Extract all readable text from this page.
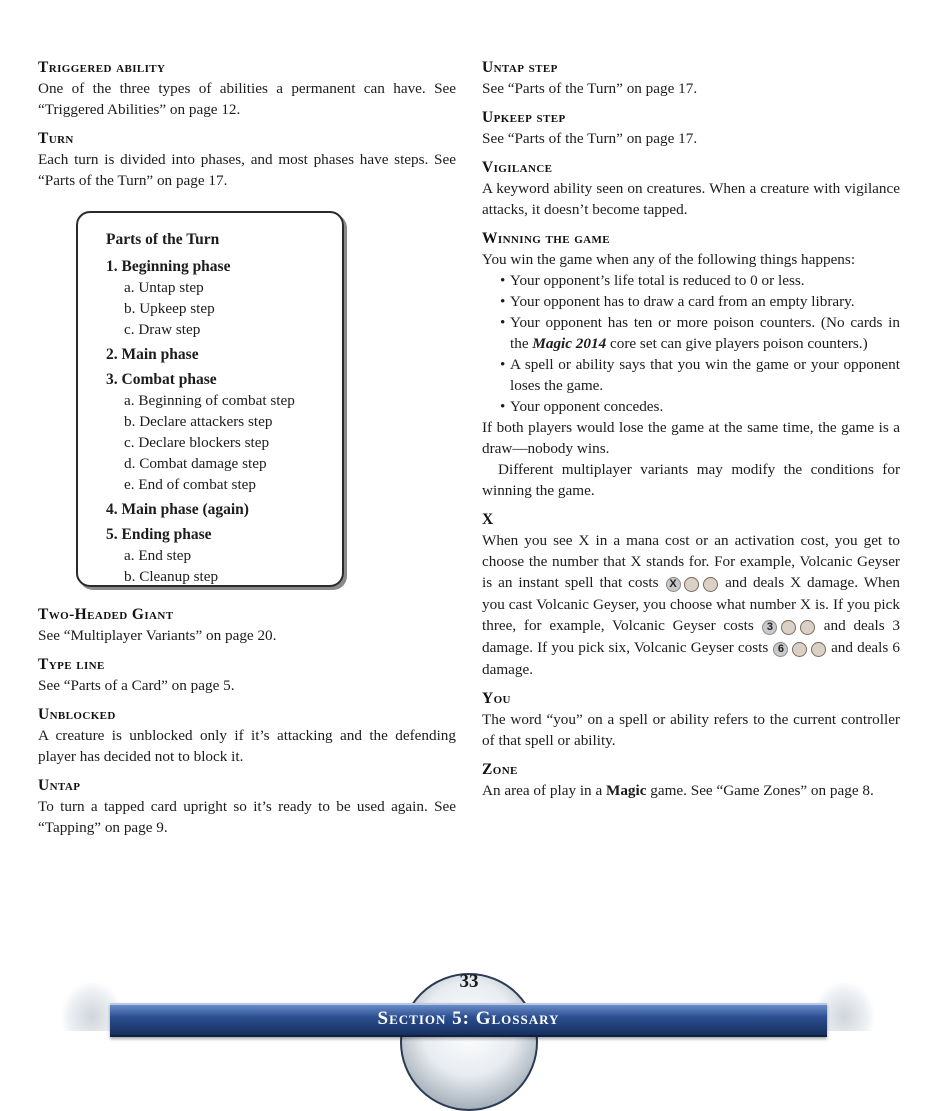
Triggered ability
One of the three types of abilities a permanent can have. See “Triggered Abilities” on page 12.
Turn
Each turn is divided into phases, and most phases have steps. See “Parts of the Turn” on page 17.
Parts of the Turn
1. Beginning phase
a. Untap step
b. Upkeep step
c. Draw step
2. Main phase
3. Combat phase
a. Beginning of combat step
b. Declare attackers step
c. Declare blockers step
d. Combat damage step
e. End of combat step
4. Main phase (again)
5. Ending phase
a. End step
b. Cleanup step
Two-Headed Giant
See “Multiplayer Variants” on page 20.
Type line
See “Parts of a Card” on page 5.
Unblocked
A creature is unblocked only if it’s attacking and the defending player has decided not to block it.
Untap
To turn a tapped card upright so it’s ready to be used again. See “Tapping” on page 9.
Untap step
See “Parts of the Turn” on page 17.
Upkeep step
See “Parts of the Turn” on page 17.
Vigilance
A keyword ability seen on creatures. When a creature with vigilance attacks, it doesn’t become tapped.
Winning the game

You win the game when any of the following things happens:

• Your opponent’s life total is reduced to 0 or less.
• Your opponent has to draw a card from an empty library.
• Your opponent has ten or more poison counters. (No cards in the Magic 2014 core set can give players poison counters.)
• A spell or ability says that you win the game or your opponent loses the game.
• Your opponent concedes.

If both players would lose the game at the same time, the game is a draw—nobody wins.

Different multiplayer variants may modify the conditions for winning the game.

X
When you see X in a mana cost or an activation cost, you get to choose the number that X stands for. For example, Volcanic Geyser is an instant spell that costs X	and deals X damage. When you cast Volcanic Geyser, you choose what number X is. If you pick three, for example, Volcanic Geyser costs 3	and deals 3 damage. If you pick six, Volcanic Geyser costs 6	and deals 6 damage.
You
The word “you” on a spell or ability refers to the current controller of that spell or ability.
Zone
An area of play in a Magic game. See “Game Zones” on page 8.
33
Section 5: Glossary
